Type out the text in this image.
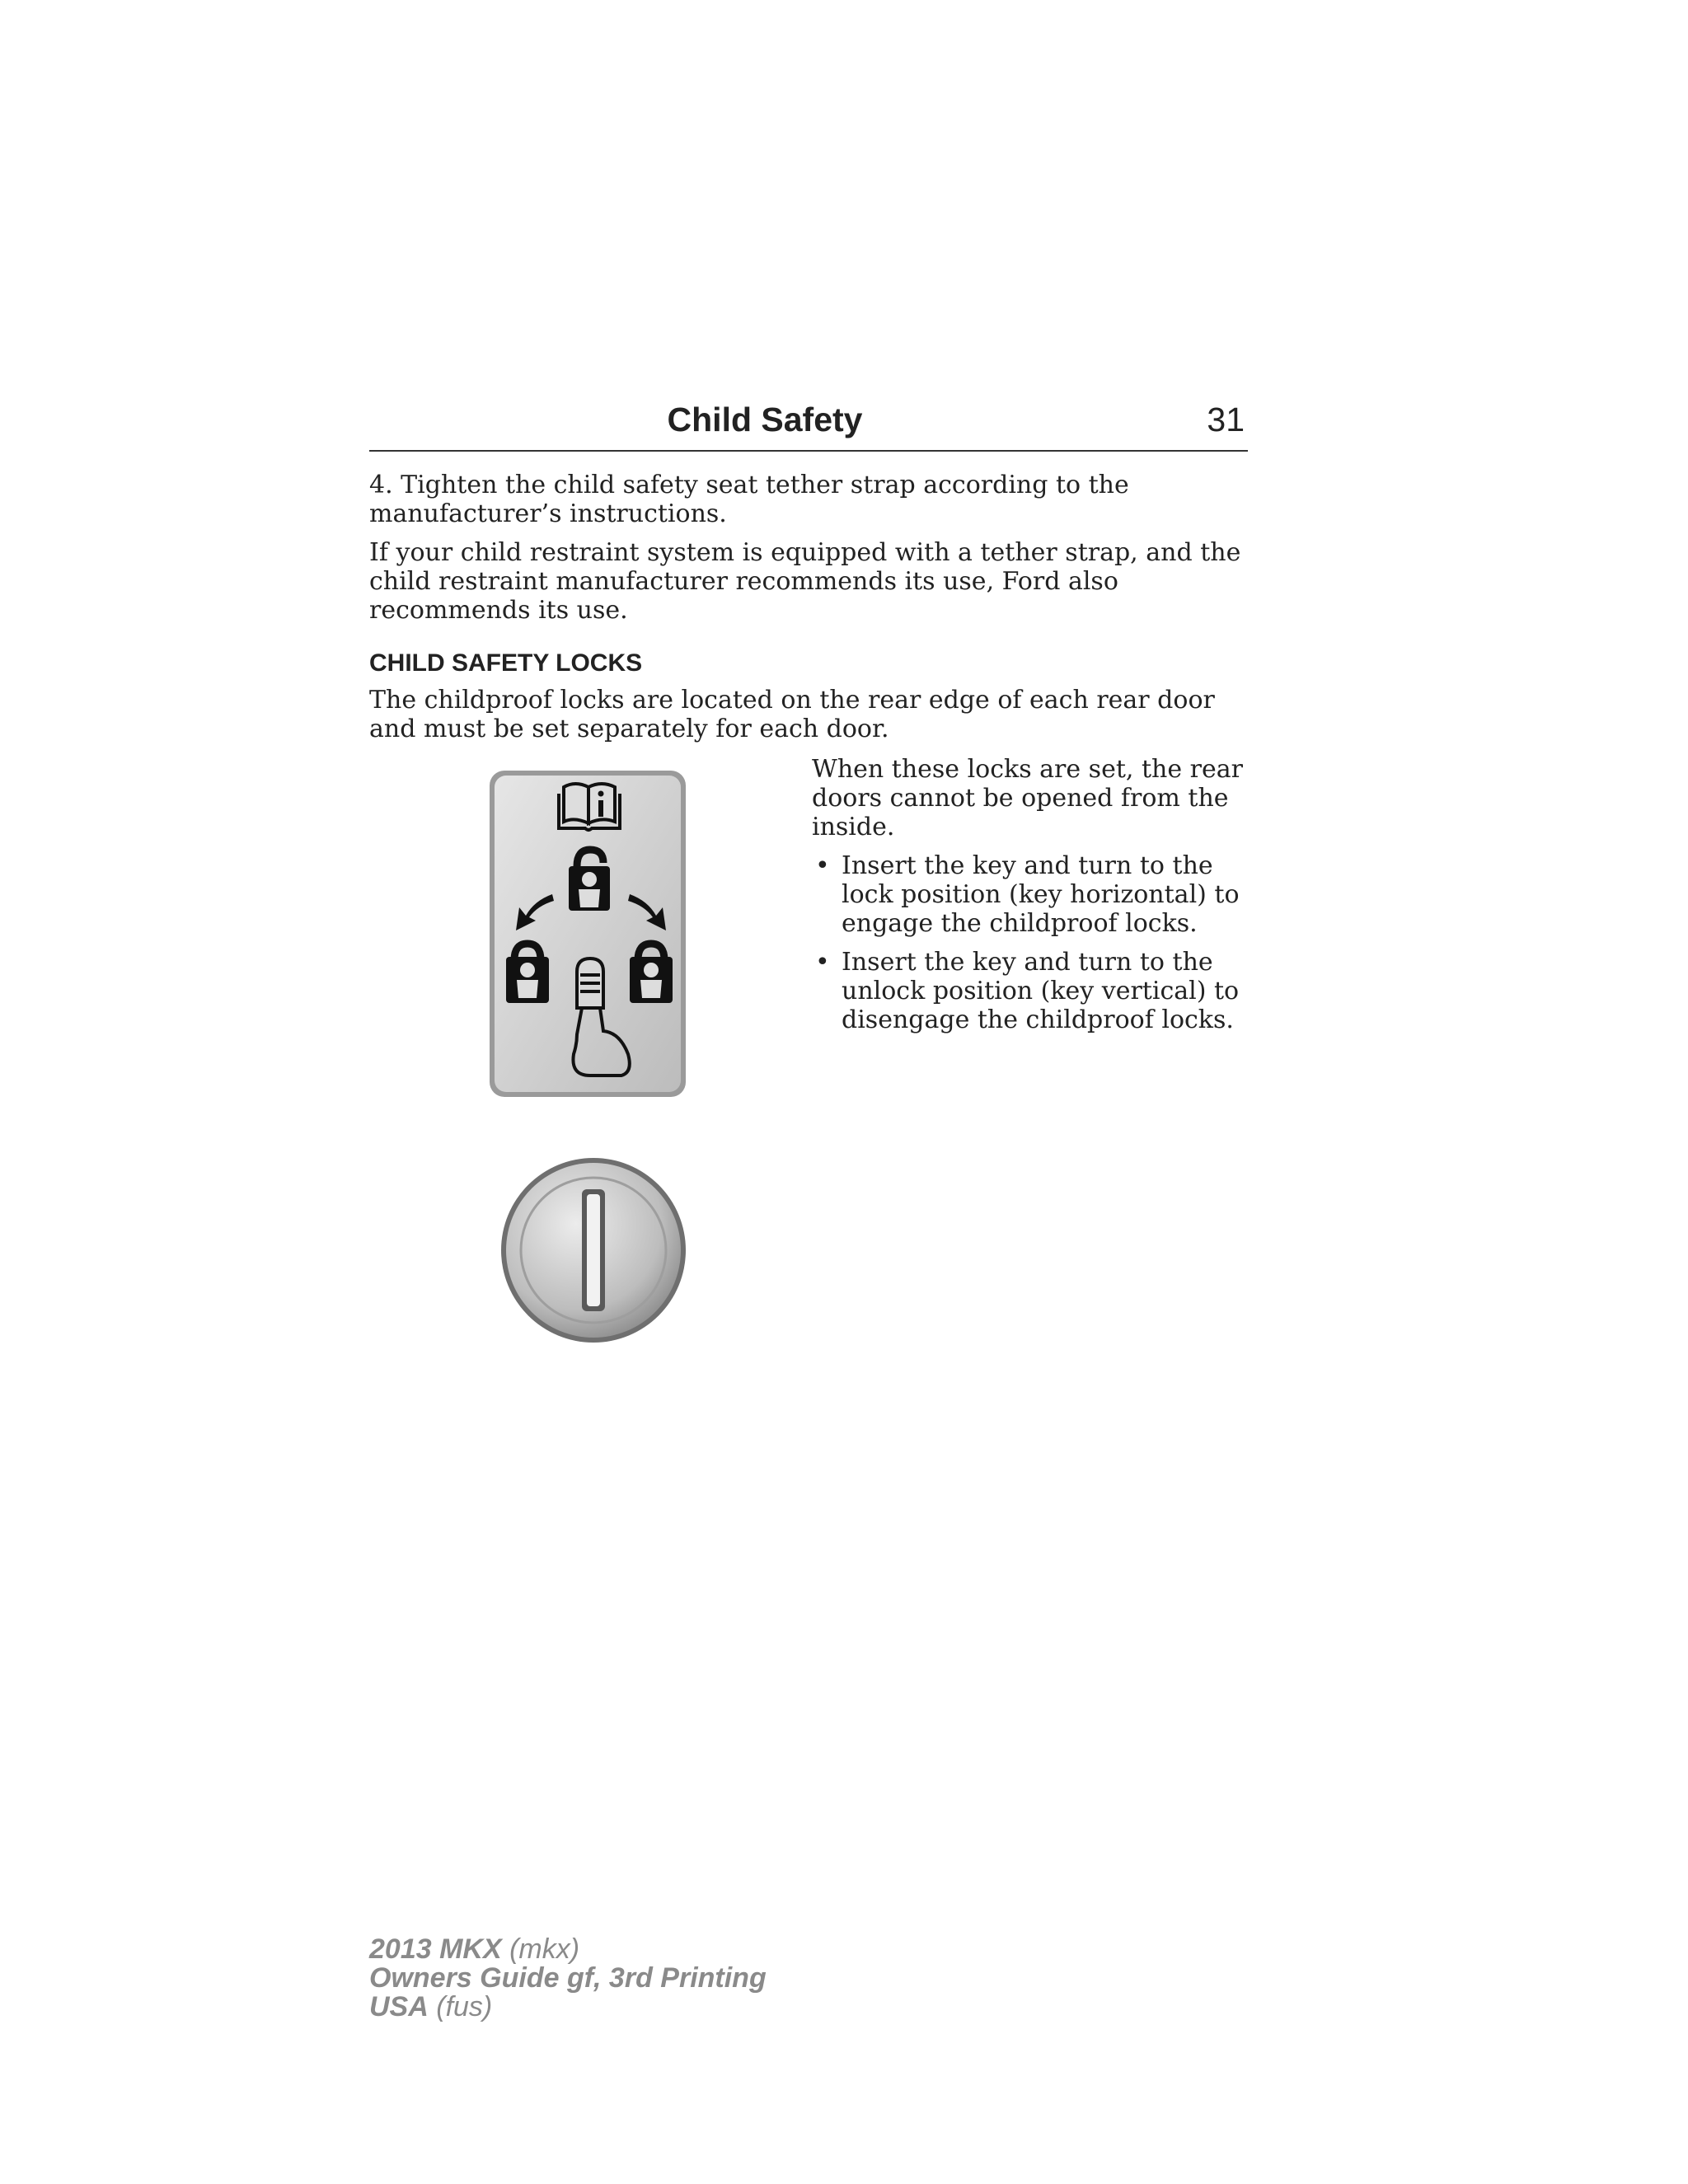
Child Safety	31

4. Tighten the child safety seat tether strap according to the manufacturer’s instructions.

If your child restraint system is equipped with a tether strap, and the child restraint manufacturer recommends its use, Ford also recommends its use.

CHILD SAFETY LOCKS

The childproof locks are located on the rear edge of each rear door and must be set separately for each door.

When these locks are set, the rear doors cannot be opened from the inside.

• Insert the key and turn to the lock position (key horizontal) to engage the childproof locks.
• Insert the key and turn to the unlock position (key vertical) to disengage the childproof locks.
2013 MKX (mkx)
Owners Guide gf, 3rd Printing
USA (fus)
